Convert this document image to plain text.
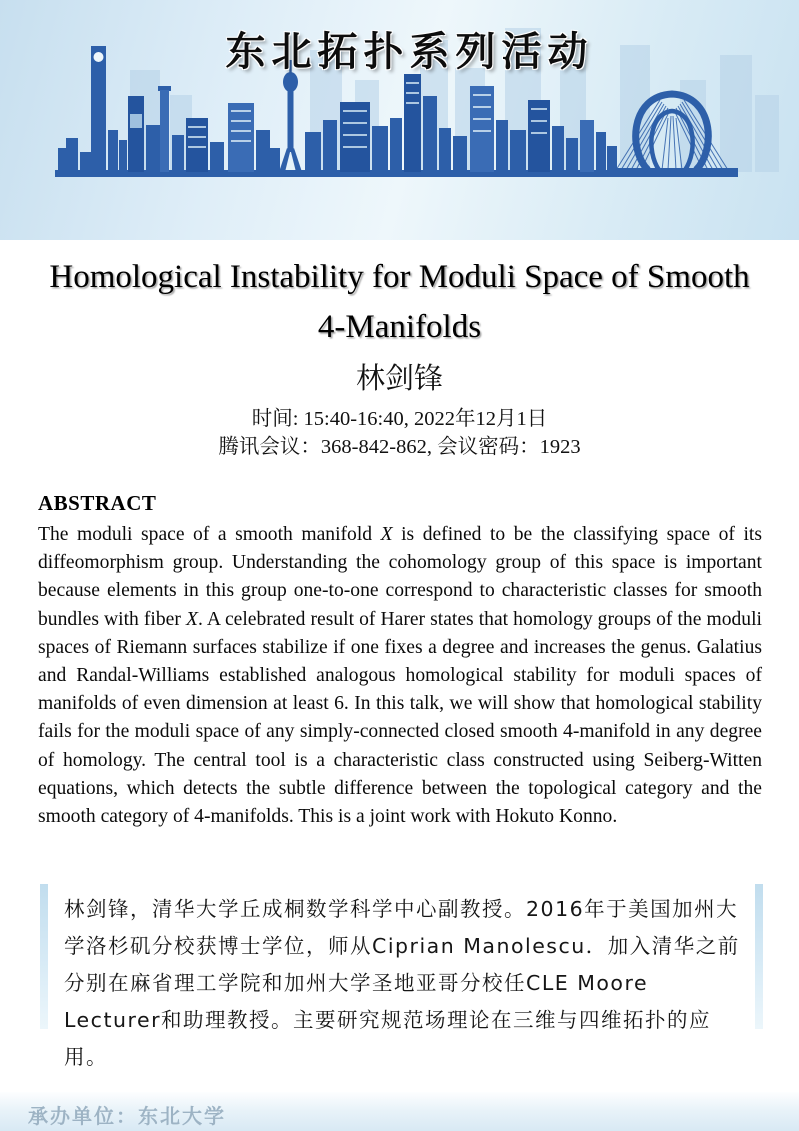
东北拓扑系列活动
Homological Instability for Moduli Space of Smooth
4-Manifolds
林剑锋
时间: 15:40-16:40, 2022年12月1日
腾讯会议：368-842-862, 会议密码：1923
ABSTRACT
The moduli space of a smooth manifold X is defined to be the classifying space of its diffeomorphism group. Understanding the cohomology group of this space is important because elements in this group one-to-one correspond to characteristic classes for smooth bundles with fiber X. A celebrated result of Harer states that homology groups of the moduli spaces of Riemann surfaces stabilize if one fixes a degree and increases the genus. Galatius and Randal-Williams established analogous homological stability for moduli spaces of manifolds of even dimension at least 6. In this talk, we will show that homological stability fails for the moduli space of any simply-connected closed smooth 4-manifold in any degree of homology. The central tool is a characteristic class constructed using Seiberg-Witten equations, which detects the subtle difference between the topological category and the smooth category of 4-manifolds. This is a joint work with Hokuto Konno.
林剑锋，清华大学丘成桐数学科学中心副教授。2016年于美国加州大学洛杉矶分校获博士学位，师从Ciprian Manolescu．加入清华之前分别在麻省理工学院和加州大学圣地亚哥分校任CLE Moore Lecturer和助理教授。主要研究规范场理论在三维与四维拓扑的应用。
承办单位：东北大学
